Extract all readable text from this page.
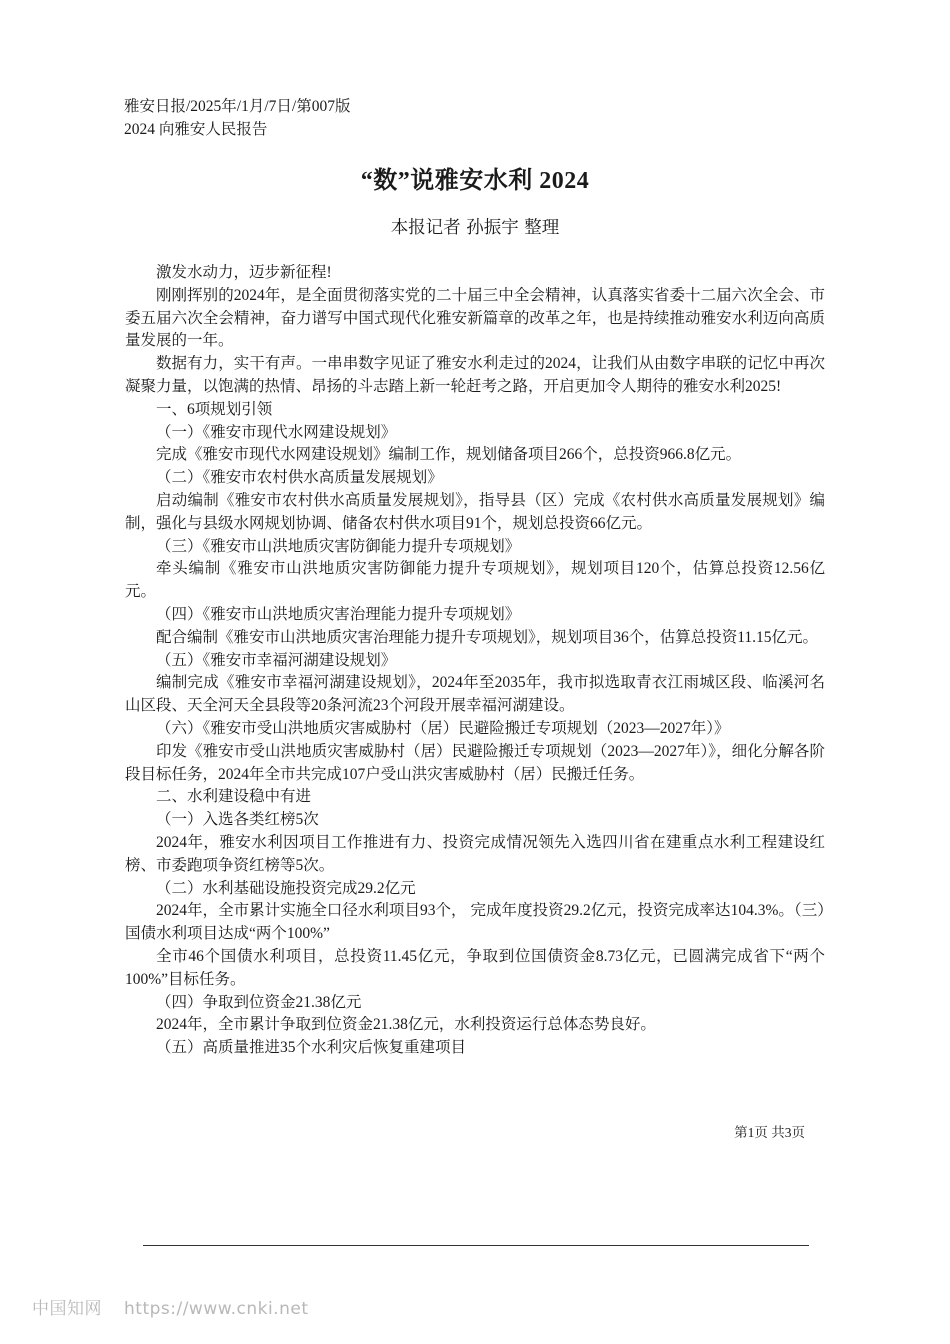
雅安日报/2025年/1月/7日/第007版 2024 向雅安人民报告
“数”说雅安水利 2024
本报记者 孙振宇 整理

激发水动力，迈步新征程!

刚刚挥别的2024年，是全面贯彻落实党的二十届三中全会精神，认真落实省委十二届六次全会、市委五届六次全会精神，奋力谱写中国式现代化雅安新篇章的改革之年，也是持续推动雅安水利迈向高质量发展的一年。

数据有力，实干有声。一串串数字见证了雅安水利走过的2024，让我们从由数字串联的记忆中再次凝聚力量，以饱满的热情、昂扬的斗志踏上新一轮赶考之路，开启更加令人期待的雅安水利2025!

一、6项规划引领

（一）《雅安市现代水网建设规划》

完成《雅安市现代水网建设规划》编制工作，规划储备项目266个，总投资966.8亿元。

（二）《雅安市农村供水高质量发展规划》

启动编制《雅安市农村供水高质量发展规划》，指导县（区）完成《农村供水高质量发展规划》编制，强化与县级水网规划协调、储备农村供水项目91个，规划总投资66亿元。

（三）《雅安市山洪地质灾害防御能力提升专项规划》

牵头编制《雅安市山洪地质灾害防御能力提升专项规划》，规划项目120个，估算总投资12.56亿元。

（四）《雅安市山洪地质灾害治理能力提升专项规划》

配合编制《雅安市山洪地质灾害治理能力提升专项规划》，规划项目36个，估算总投资11.15亿元。

（五）《雅安市幸福河湖建设规划》

编制完成《雅安市幸福河湖建设规划》，2024年至2035年，我市拟选取青衣江雨城区段、临溪河名山区段、天全河天全县段等20条河流23个河段开展幸福河湖建设。

（六）《雅安市受山洪地质灾害威胁村（居）民避险搬迁专项规划（2023—2027年）》

印发《雅安市受山洪地质灾害威胁村（居）民避险搬迁专项规划（2023—2027年）》，细化分解各阶段目标任务，2024年全市共完成107户受山洪灾害威胁村（居）民搬迁任务。

二、水利建设稳中有进

（一）入选各类红榜5次

2024年，雅安水利因项目工作推进有力、投资完成情况领先入选四川省在建重点水利工程建设红榜、市委跑项争资红榜等5次。

（二）水利基础设施投资完成29.2亿元

2024年，全市累计实施全口径水利项目93个， 完成年度投资29.2亿元，投资完成率达104.3%。（三）国债水利项目达成“两个100%”

全市46个国债水利项目，总投资11.45亿元，争取到位国债资金8.73亿元，已圆满完成省下“两个100%”目标任务。

（四）争取到位资金21.38亿元

2024年，全市累计争取到位资金21.38亿元，水利投资运行总体态势良好。

（五）高质量推进35个水利灾后恢复重建项目

第1页 共3页
中国知网 https://www.cnki.net
